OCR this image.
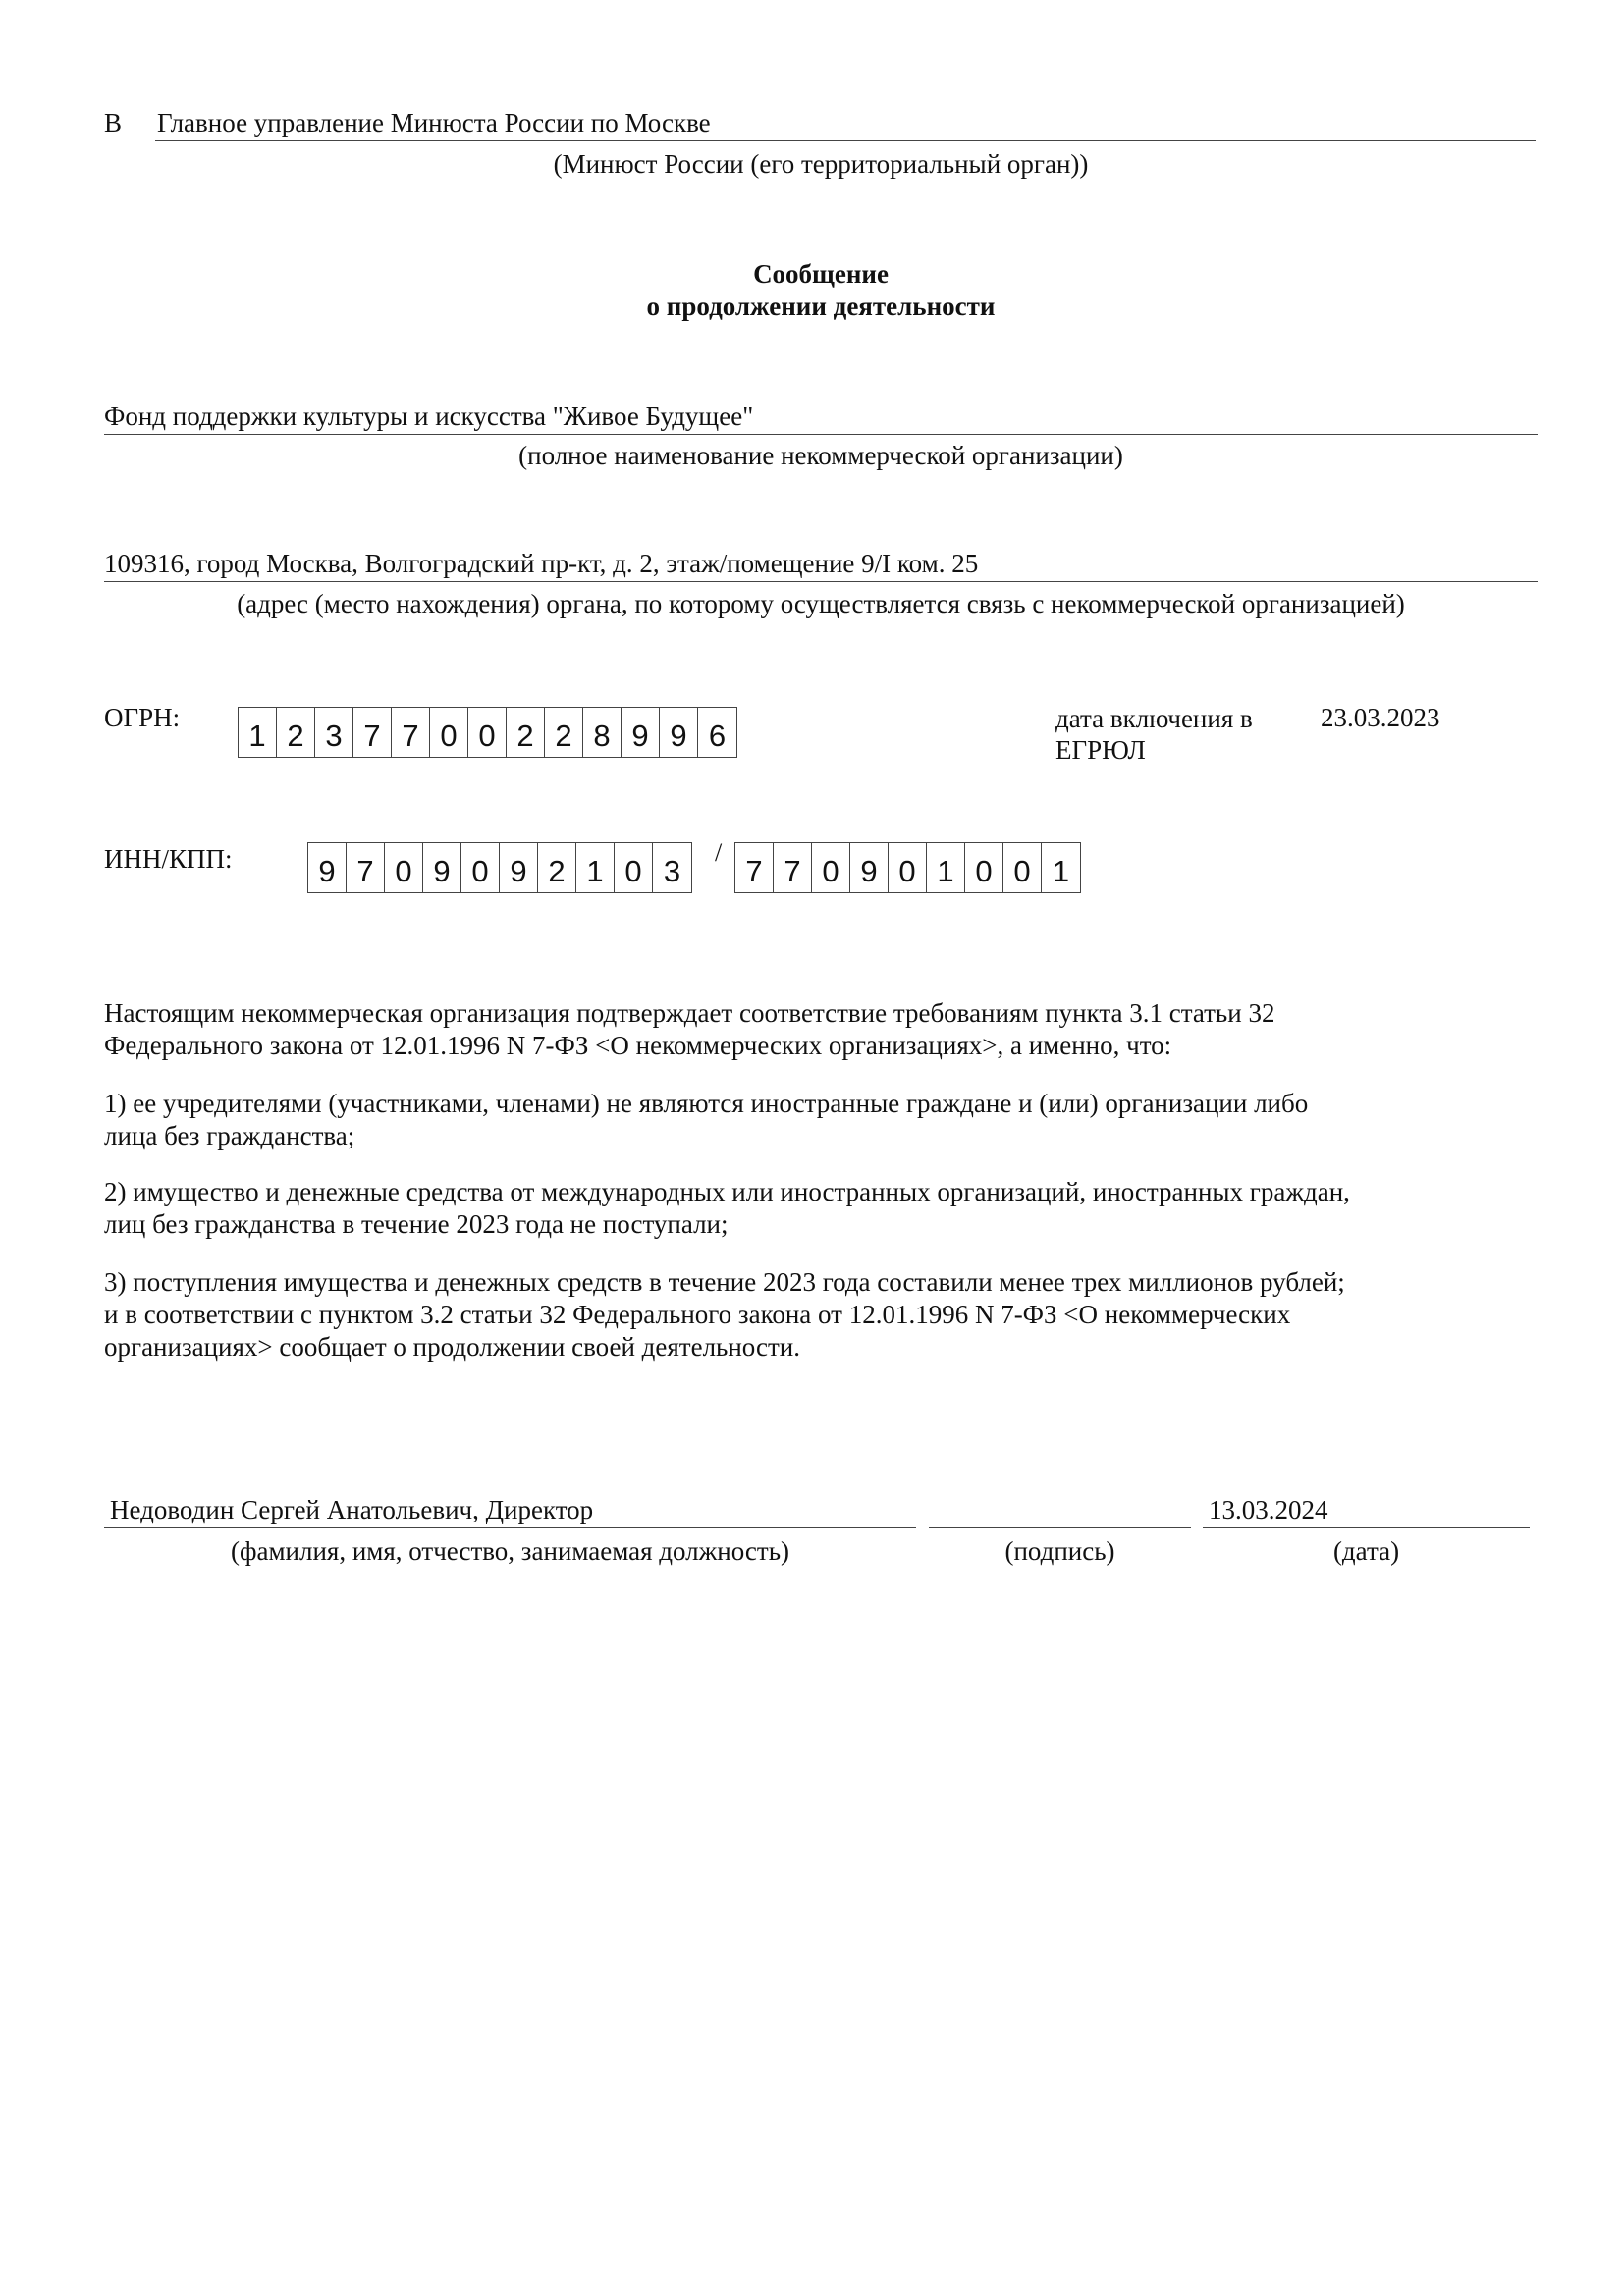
В Главное управление Минюста России по Москве
(Минюст России (его территориальный орган))
Сообщение
о продолжении деятельности
Фонд поддержки культуры и искусства "Живое Будущее"
(полное наименование некоммерческой организации)
109316, город Москва, Волгоградский пр-кт, д. 2, этаж/помещение 9/I ком. 25
(адрес (место нахождения) органа, по которому осуществляется связь с некоммерческой организацией)
ОГРН:
1 2 3 7 7 0 0 2 2 8 9 9 6	дата включения в
ЕГРЮЛ
23.03.2023
ИНН/КПП:	9 7 0 9 0 9 2 1 0 3
/
7 7 0 9 0 1 0 0 1
Настоящим некоммерческая организация подтверждает соответствие требованиям пункта 3.1 статьи 32
Федерального закона от 12.01.1996 N 7-ФЗ <О некоммерческих организациях>, а именно, что:
1) ее учредителями (участниками, членами) не являются иностранные граждане и (или) организации либо
лица без гражданства;
2) имущество и денежные средства от международных или иностранных организаций, иностранных граждан,
лиц без гражданства в течение 2023 года не поступали;
3) поступления имущества и денежных средств в течение 2023 года составили менее трех миллионов рублей;
и в соответствии с пунктом 3.2 статьи 32 Федерального закона от 12.01.1996 N 7-ФЗ <О некоммерческих
организациях> сообщает о продолжении своей деятельности.
Недоводин Сергей Анатольевич, Директор	13.03.2024
(фамилия, имя, отчество, занимаемая должность)	(подпись)	(дата)
